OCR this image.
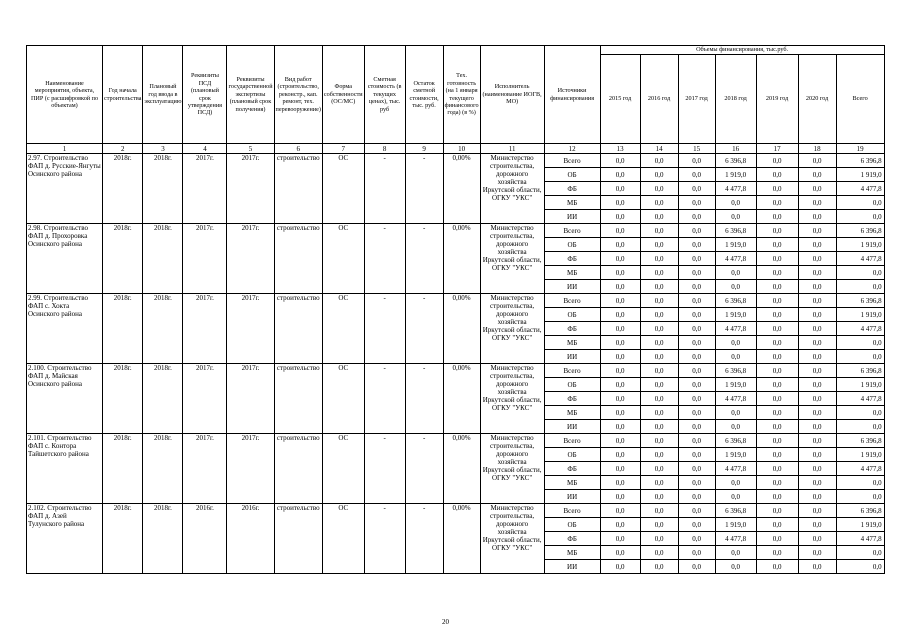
Наименование мероприятия, объекта, ПИР (с расшифровкой по объектам)	Год начала строительства	Плановый год ввода в эксплуатацию	Реквизиты ПСД (плановый срок утверждения ПСД)	Реквизиты государственной экспертизы (плановый срок получения)	Вид работ (строительство, реконстр., кап. ремонт, тех. перевооружение)	Форма собственности (ОС/МС)	Сметная стоимость (в текущих ценах), тыс. руб	Остаток сметной стоимости, тыс. руб.	Тех. готовность (на 1 января текущего финансового года) (в %)	Исполнитель (наименование ИОГВ, МО)	Источники финансирования	Объемы финансирования, тыс.руб.						
												2015 год	2016 год	2017 год	2018 год	2019 год	2020 год	Всего
1	2	3	4	5	6	7	8	9	10	11	12	13	14	15	16	17	18	19
2.97. Строительство ФАП д. Русские-Янгуты Осинского района	2018г.	2018г.	2017г.	2017г.	строительство	ОС	-	-	0,00%	Министерство строительства, дорожного хозяйства Иркутской области, ОГКУ "УКС"	Всего	0,0	0,0	0,0	6 396,8	0,0	0,0	6 396,8
											ОБ	0,0	0,0	0,0	1 919,0	0,0	0,0	1 919,0
											ФБ	0,0	0,0	0,0	4 477,8	0,0	0,0	4 477,8
											МБ	0,0	0,0	0,0	0,0	0,0	0,0	0,0
											ИИ	0,0	0,0	0,0	0,0	0,0	0,0	0,0
2.98. Строительство ФАП д. Прохоровка Осинского района	2018г.	2018г.	2017г.	2017г.	строительство	ОС	-	-	0,00%	Министерство строительства, дорожного хозяйства Иркутской области, ОГКУ "УКС"	Всего	0,0	0,0	0,0	6 396,8	0,0	0,0	6 396,8
											ОБ	0,0	0,0	0,0	1 919,0	0,0	0,0	1 919,0
											ФБ	0,0	0,0	0,0	4 477,8	0,0	0,0	4 477,8
											МБ	0,0	0,0	0,0	0,0	0,0	0,0	0,0
											ИИ	0,0	0,0	0,0	0,0	0,0	0,0	0,0
2.99. Строительство ФАП с. Хокта Осинского района	2018г.	2018г.	2017г.	2017г.	строительство	ОС	-	-	0,00%	Министерство строительства, дорожного хозяйства Иркутской области, ОГКУ "УКС"	Всего	0,0	0,0	0,0	6 396,8	0,0	0,0	6 396,8
											ОБ	0,0	0,0	0,0	1 919,0	0,0	0,0	1 919,0
											ФБ	0,0	0,0	0,0	4 477,8	0,0	0,0	4 477,8
											МБ	0,0	0,0	0,0	0,0	0,0	0,0	0,0
											ИИ	0,0	0,0	0,0	0,0	0,0	0,0	0,0
2.100. Строительство ФАП д. Майская Осинского района	2018г.	2018г.	2017г.	2017г.	строительство	ОС	-	-	0,00%	Министерство строительства, дорожного хозяйства Иркутской области, ОГКУ "УКС"	Всего	0,0	0,0	0,0	6 396,8	0,0	0,0	6 396,8
											ОБ	0,0	0,0	0,0	1 919,0	0,0	0,0	1 919,0
											ФБ	0,0	0,0	0,0	4 477,8	0,0	0,0	4 477,8
											МБ	0,0	0,0	0,0	0,0	0,0	0,0	0,0
											ИИ	0,0	0,0	0,0	0,0	0,0	0,0	0,0
2.101. Строительство ФАП с. Контора Тайшетского района	2018г.	2018г.	2017г.	2017г.	строительство	ОС	-	-	0,00%	Министерство строительства, дорожного хозяйства Иркутской области, ОГКУ "УКС"	Всего	0,0	0,0	0,0	6 396,8	0,0	0,0	6 396,8
											ОБ	0,0	0,0	0,0	1 919,0	0,0	0,0	1 919,0
											ФБ	0,0	0,0	0,0	4 477,8	0,0	0,0	4 477,8
											МБ	0,0	0,0	0,0	0,0	0,0	0,0	0,0
											ИИ	0,0	0,0	0,0	0,0	0,0	0,0	0,0
2.102. Строительство ФАП д. Азей Тулунского района	2018г.	2018г.	2016г.	2016г.	строительство	ОС	-	-	0,00%	Министерство строительства, дорожного хозяйства Иркутской области, ОГКУ "УКС"	Всего	0,0	0,0	0,0	6 396,8	0,0	0,0	6 396,8
											ОБ	0,0	0,0	0,0	1 919,0	0,0	0,0	1 919,0
											ФБ	0,0	0,0	0,0	4 477,8	0,0	0,0	4 477,8
											МБ	0,0	0,0	0,0	0,0	0,0	0,0	0,0
											ИИ	0,0	0,0	0,0	0,0	0,0	0,0	0,0
20
